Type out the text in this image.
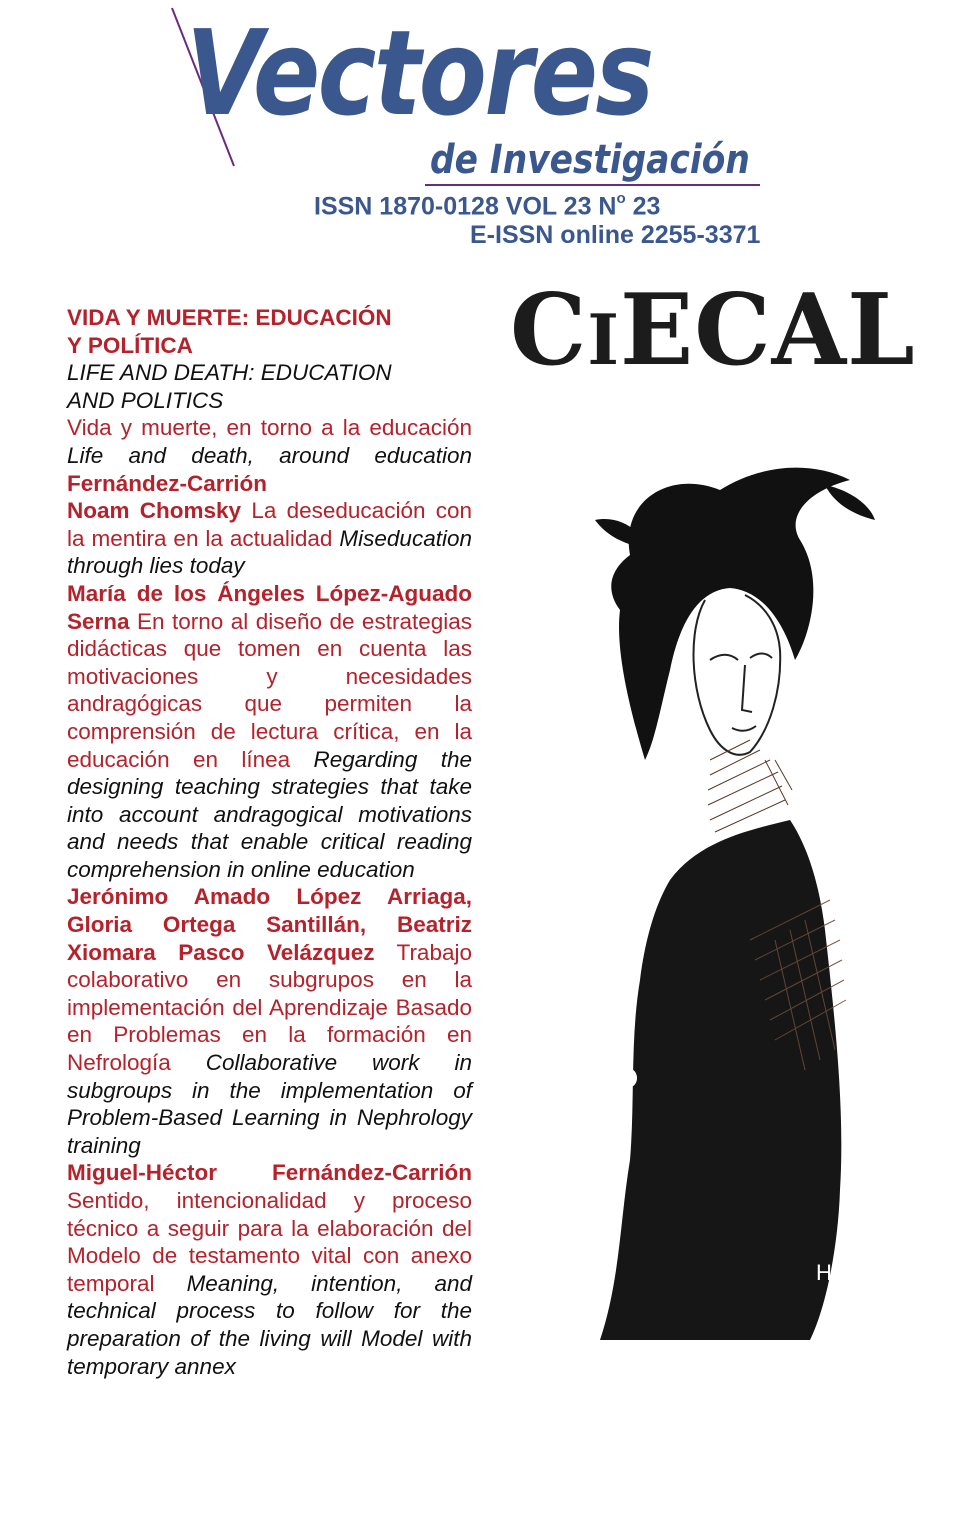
Vectores
de Investigación
ISSN 1870-0128 VOL 23 $N^o$ 23
E-ISSN online 2255-3371
CiECAL
VIDA Y MUERTE: EDUCACIÓN
Y POLÍTICA
LIFE AND DEATH: EDUCATION
AND POLITICS
Vida y muerte, en torno a la educación Life and death, around education Fernández-Carrión
Noam Chomsky La deseducación con la mentira en la actualidad Miseducation through lies today
María de los Ángeles López-Aguado Serna En torno al diseño de estrategias didácticas que tomen en cuenta las motivaciones y necesidades andragógicas que permiten la comprensión de lectura crítica, en la educación en línea Regarding the designing teaching strategies that take into account andragogical motivations and needs that enable critical reading comprehension in online education
Jerónimo Amado López Arriaga, Gloria Ortega Santillán, Beatriz Xiomara Pasco Velázquez Trabajo colaborativo en subgrupos en la implementación del Aprendizaje Basado en Problemas en la formación en Nefrología Collaborative work in subgroups in the implementation of Problem-Based Learning in Nephrology training
Miguel-Héctor Fernández-Carrión Sentido, intencionalidad y proceso técnico a seguir para la elaboración del Modelo de testamento vital con anexo temporal Meaning, intention, and technical process to follow for the preparation of the living will Model with temporary annex
HfC
